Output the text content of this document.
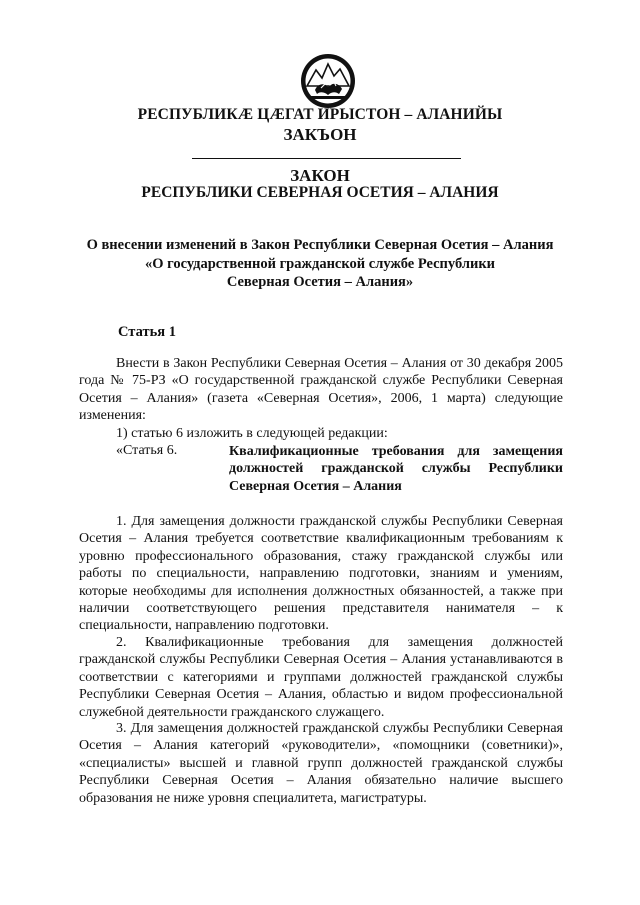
РЕСПУБЛИКӔ ЦӔГАТ ИРЫСТОН – АЛАНИЙЫ
ЗАКЪОН
ЗАКОН
РЕСПУБЛИКИ СЕВЕРНАЯ ОСЕТИЯ – АЛАНИЯ
О внесении изменений в Закон Республики Северная Осетия – Алания
«О государственной гражданской службе Республики
Северная Осетия – Алания»
Статья 1

Внести в Закон Республики Северная Осетия – Алания от 30 декабря 2005 года № 75-РЗ «О государственной гражданской службе Республики Северная Осетия – Алания» (газета «Северная Осетия», 2006, 1 марта) следующие изменения:

1) статью 6 изложить в следующей редакции:

«Статья 6.	Квалификационные требования для замещения должностей гражданской службы Республики Северная Осетия – Алания

1. Для замещения должности гражданской службы Республики Северная Осетия – Алания требуется соответствие квалификационным требованиям к уровню профессионального образования, стажу гражданской службы или работы по специальности, направлению подготовки, знаниям и умениям, которые необходимы для исполнения должностных обязанностей, а также при наличии соответствующего решения представителя нанимателя – к специальности, направлению подготовки.

2. Квалификационные требования для замещения должностей гражданской службы Республики Северная Осетия – Алания устанавливаются в соответствии с категориями и группами должностей гражданской службы Республики Северная Осетия – Алания, областью и видом профессиональной служебной деятельности гражданского служащего.

3. Для замещения должностей гражданской службы Республики Северная Осетия – Алания категорий «руководители», «помощники (советники)», «специалисты» высшей и главной групп должностей гражданской службы Республики Северная Осетия – Алания обязательно наличие высшего образования не ниже уровня специалитета, магистратуры.
